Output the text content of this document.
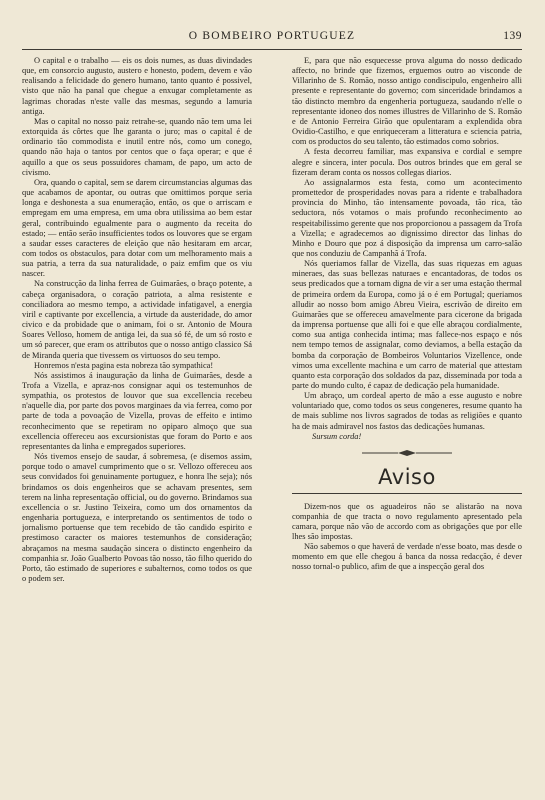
O BOMBEIRO PORTUGUEZ	139

O capital e o trabalho — eis os dois numes, as duas divindades que, em consorcio augusto, austero e honesto, podem, devem e vão realisando a felicidade do genero humano, tanto quanto é possivel, visto que não ha panal que chegue a enxugar completamente as lagrimas choradas n'este valle das mesmas, segundo a lamuria antiga.

Mas o capital no nosso paiz retrahe-se, quando não tem uma lei extorquida ás côrtes que lhe garanta o juro; mas o capital é de ordinario tão commodista e inutil entre nós, como um conego, quando não haja o tantos por centos que o faça operar; e que é aquillo a que os seus possuidores chamam, de papo, um acto de civismo.

Ora, quando o capital, sem se darem circumstancias algumas das que acabamos de apontar, ou outras que omittimos porque seria longa e deshonesta a sua enumeração, então, os que o arriscam e empregam em uma empresa, em uma obra utilissima ao bem estar geral, contribuindo egualmente para o augmento da receita do estado; — então serão insufficientes todos os louvores que se ergam a saudar esses caracteres de eleição que não hesitaram em arcar, com todos os obstaculos, para dotar com um melhoramento mais a sua patria, a terra da sua naturalidade, o paiz emfim que os viu nascer.

Na construcção da linha ferrea de Guimarães, o braço potente, a cabeça organisadora, o coração patriota, a alma resistente e conciliadora ao mesmo tempo, a actividade infatigavel, a energia viril e captivante por excellencia, a virtude da austeridade, do amor civico e da probidade que o animam, foi o sr. Antonio de Moura Soares Velloso, homem de antiga lei, da sua só fé, de um só rosto e um só parecer, que eram os attributos que o nosso antigo classico Sá de Miranda queria que tivessem os virtuosos do seu tempo.

Honremos n'esta pagina esta nobreza tão sympathica!

Nós assistimos á inauguração da linha de Guimarães, desde a Trofa a Vizella, e apraz-nos consignar aqui os testemunhos de sympathia, os protestos de louvor que sua excellencia recebeu n'aquelle dia, por parte dos povos marginaes da via ferrea, como por parte de toda a povoação de Vizella, provas de effeito e intimo reconhecimento que se repetiram no opiparo almoço que sua excellencia offereceu aos excursionistas que foram do Porto e aos representantes da linha e empregados superiores.

Nós tivemos ensejo de saudar, á sobremesa, (e disemos assim, porque todo o amavel cumprimento que o sr. Vellozo offereceu aos seus convidados foi genuinamente portuguez, e honra lhe seja); nós brindamos os dois engenheiros que se achavam presentes, sem terem na linha representação official, ou do governo. Brindamos sua excellencia o sr. Justino Teixeira, como um dos ornamentos da engenharia portugueza, e interpretando os sentimentos de todo o jornalismo portuense que tem recebido de tão candido espirito e prestimoso caracter os maiores testemunhos de consideração; abraçamos na mesma saudação sincera o distincto engenheiro da companhia sr. João Gualberto Povoas tão nosso, tão filho querido do Porto, tão estimado de superiores e subalternos, como todos os que o podem ser.

E, para que não esquecesse prova alguma do nosso dedicado affecto, no brinde que fizemos, erguemos outro ao visconde de Villarinho de S. Romão, nosso antigo condiscipulo, engenheiro alli presente e representante do governo; com sinceridade brindamos a tão distincto membro da engenheria portugueza, saudando n'elle o representante idoneo dos nomes illustres de Villarinho de S. Romão e de Antonio Ferreira Girão que opulentaram a explendida obra Ovidio-Castilho, e que enriqueceram a litteratura e sciencia patria, com os productos do seu talento, tão estimados como sobrios.

A festa decorreu familiar, mas expansiva e cordial e sempre alegre e sincera, inter pocula. Dos outros brindes que em geral se fizeram deram conta os nossos collegas diarios.

Ao assignalarmos esta festa, como um acontecimento promettedor de prosperidades novas para a ridente e trabalhadora provincia do Minho, tão intensamente povoada, tão rica, tão seductora, nós votamos o mais profundo reconhecimento ao respeitabilissimo gerente que nos proporcionou a passagem da Trofa a Vizella; e agradecemos ao dignissimo director das linhas do Minho e Douro que poz á disposição da imprensa um carro-salão que nos conduziu de Campanhã á Trofa.

Nós queriamos fallar de Vizella, das suas riquezas em aguas mineraes, das suas bellezas naturaes e encantadoras, de todos os seus predicados que a tornam digna de vir a ser uma estação thermal de primeira ordem da Europa, como já o é em Portugal; queriamos alludir ao nosso bom amigo Abreu Vieira, escrivão de direito em Guimarães que se offereceu amavelmente para cicerone da brigada da imprensa portuense que alli foi e que elle abraçou cordialmente, como sua antiga conhecida intima; mas fallece-nos espaço e nós nem tempo temos de assignalar, como deviamos, a bella estação da bomba da corporação de Bombeiros Voluntarios Vizellence, onde vimos uma excellente machina e um carro de material que attestam quanto esta corporação dos soldados da paz, disseminada por toda a parte do mundo culto, é capaz de dedicação pela humanidade.

Um abraço, um cordeal aperto de mão a esse augusto e nobre voluntariado que, como todos os seus congeneres, resume quanto ha de mais sublime nos livros sagrados de todas as religiões e quanto ha de mais admiravel nos fastos das dedicações humanas.

Sursum corda!

Aviso

Dizem-nos que os aguadeiros não se alistarão na nova companhia de que tracta o novo regulamento apresentado pela camara, porque não vão de accordo com as obrigações que por elle lhes são impostas.

Não sabemos o que haverá de verdade n'esse boato, mas desde o momento em que elle chegou á banca da nossa redacção, é dever nosso tornal-o publico, afim de que a inspecção geral dos
